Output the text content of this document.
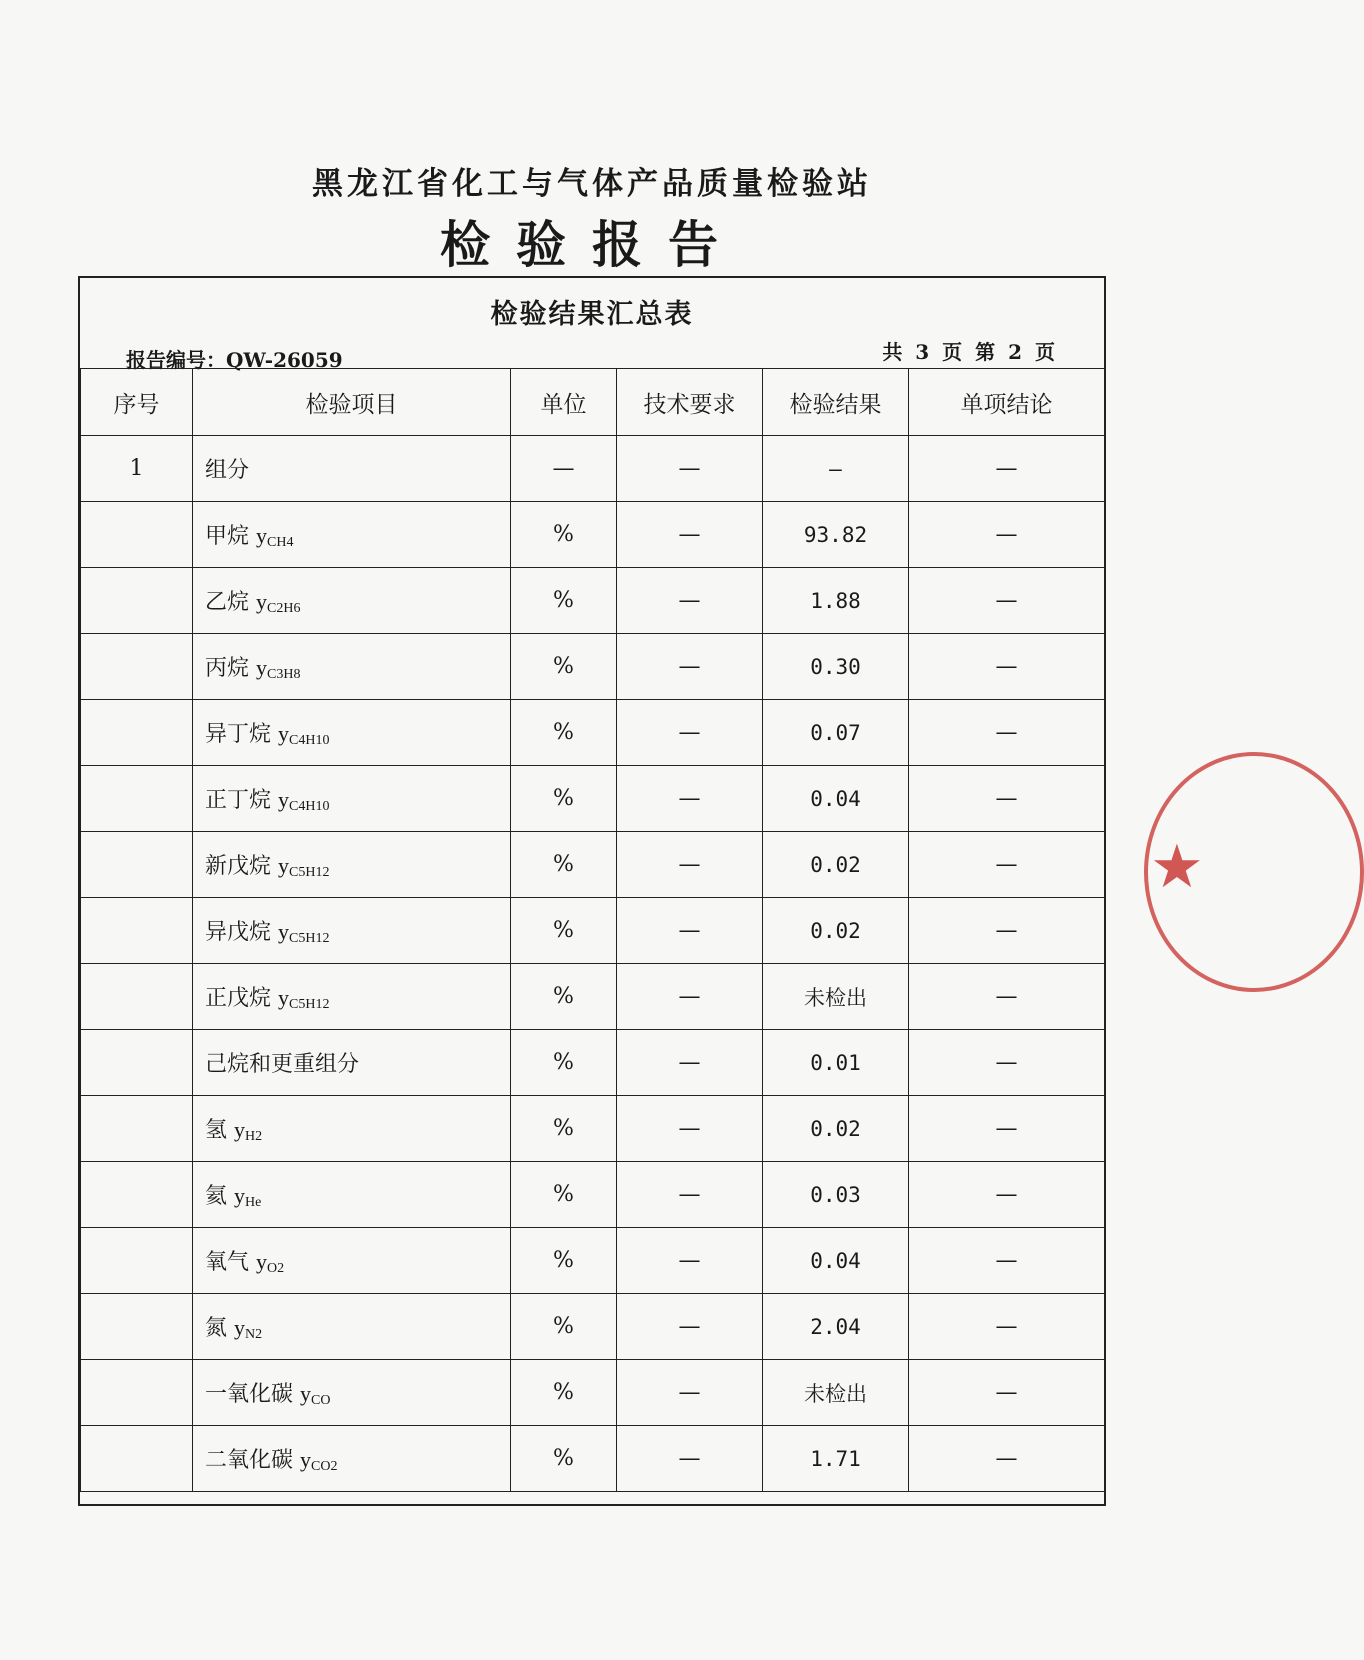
黑龙江省化工与气体产品质量检验站
检验报告
检验结果汇总表
报告编号：QW-26059	共 3 页 第 2 页
序号	检验项目	单位	技术要求	检验结果	单项结论
1	组分	—	—	—	—
	甲烷 $y_{CH4}$	%	—	93.82	—
	乙烷 $y_{C2H6}$	%	—	1.88	—
	丙烷 $y_{C3H8}$	%	—	0.30	—
	异丁烷 $y_{C4H10}$	%	—	0.07	—
	正丁烷 $y_{C4H10}$	%	—	0.04	—
	新戊烷 $y_{C5H12}$	%	—	0.02	—
	异戊烷 $y_{C5H12}$	%	—	0.02	—
	正戊烷 $y_{C5H12}$	%	—	未检出	—
	己烷和更重组分	%	—	0.01	—
	氢 $y_{H2}$	%	—	0.02	—
	氦 $y_{He}$	%	—	0.03	—
	氧气 $y_{O2}$	%	—	0.04	—
	氮 $y_{N2}$	%	—	2.04	—
	一氧化碳 $y_{CO}$	%	—	未检出	—
	二氧化碳 $y_{CO2}$	%	—	1.71	—
★
